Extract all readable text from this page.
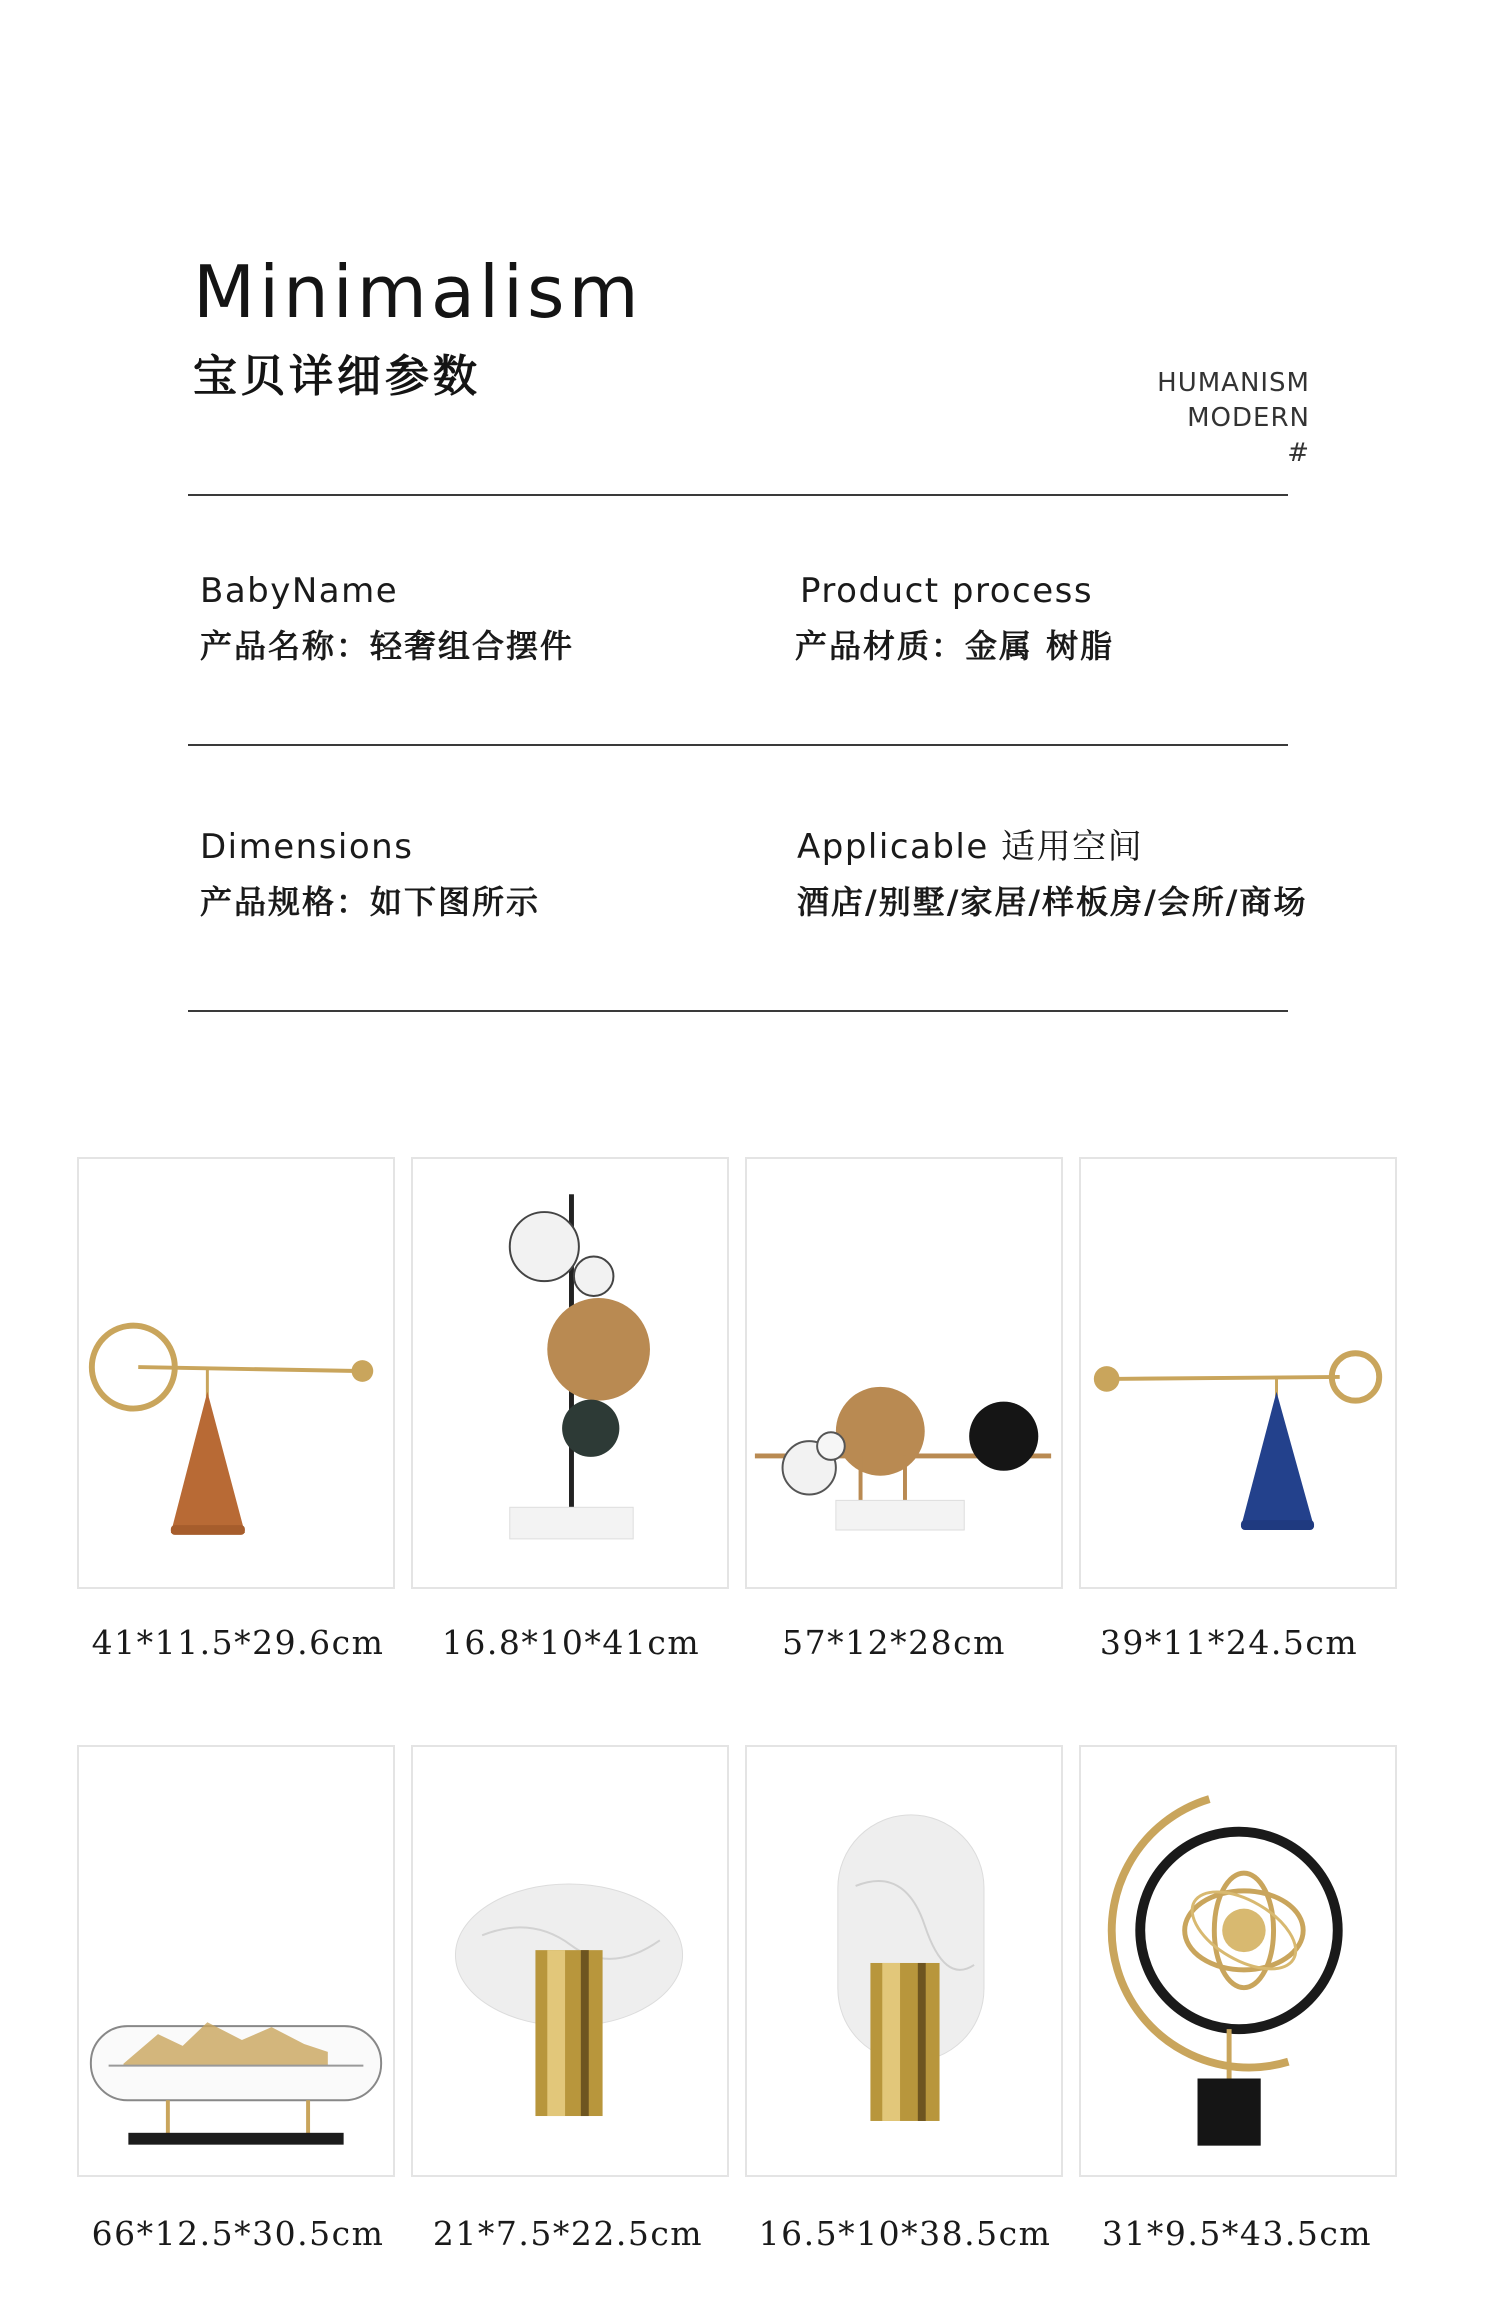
Minimalism
宝贝详细参数	HUMANISM
MODERN
#
BabyName
产品名称：轻奢组合摆件
Product process
产品材质：金属 树脂
Dimensions
产品规格：如下图所示
Applicable 适用空间
酒店/别墅/家居/样板房/会所/商场
41*11.5*29.6cm	16.8*10*41cm	57*12*28cm	39*11*24.5cm
66*12.5*30.5cm	21*7.5*22.5cm	16.5*10*38.5cm	31*9.5*43.5cm
